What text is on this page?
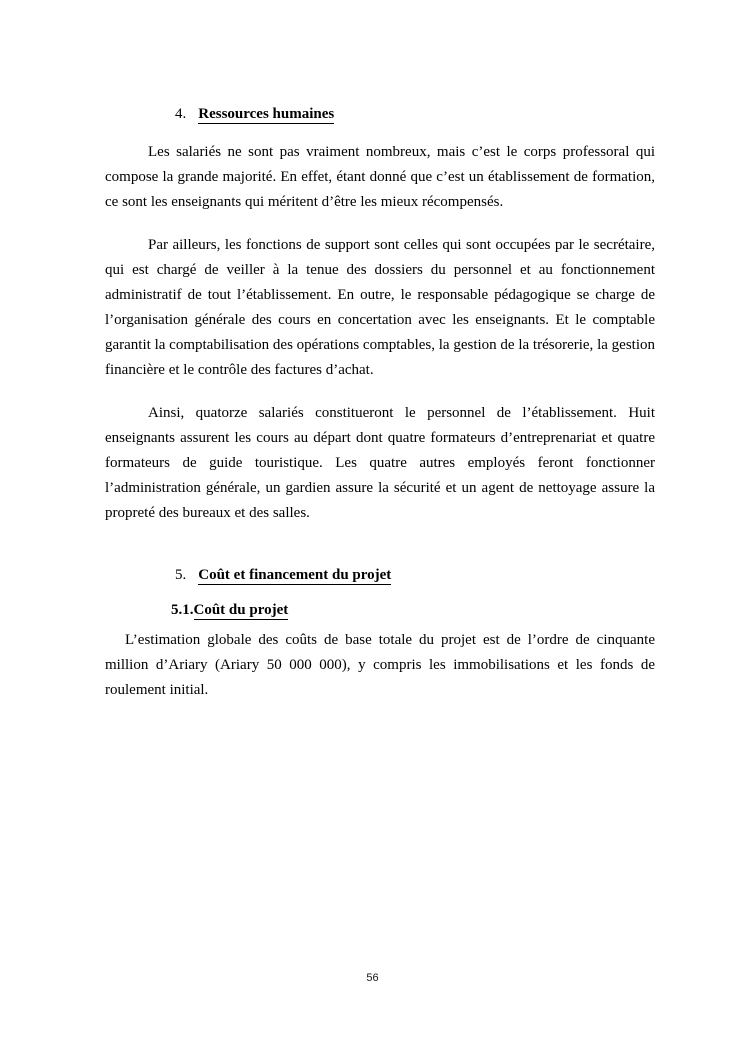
4. Ressources humaines

Les salariés ne sont pas vraiment nombreux, mais c’est le corps professoral qui compose la grande majorité. En effet, étant donné que c’est un établissement de formation, ce sont les enseignants qui méritent d’être les mieux récompensés.

Par ailleurs, les fonctions de support sont celles qui sont occupées par le secrétaire, qui est chargé de veiller à la tenue des dossiers du personnel et au fonctionnement administratif de tout l’établissement. En outre, le responsable pédagogique se charge de l’organisation générale des cours en concertation avec les enseignants. Et le comptable garantit la comptabilisation des opérations comptables, la gestion de la trésorerie, la gestion financière et le contrôle des factures d’achat.

Ainsi, quatorze salariés constitueront le personnel de l’établissement. Huit enseignants assurent les cours au départ dont quatre formateurs d’entreprenariat et quatre formateurs de guide touristique. Les quatre autres employés feront fonctionner l’administration générale, un gardien assure la sécurité et un agent de nettoyage assure la propreté des bureaux et des salles.

5. Coût et financement du projet
5.1.Coût du projet

L’estimation globale des coûts de base totale du projet est de l’ordre de cinquante million d’Ariary (Ariary 50 000 000), y compris les immobilisations et les fonds de roulement initial.

56
